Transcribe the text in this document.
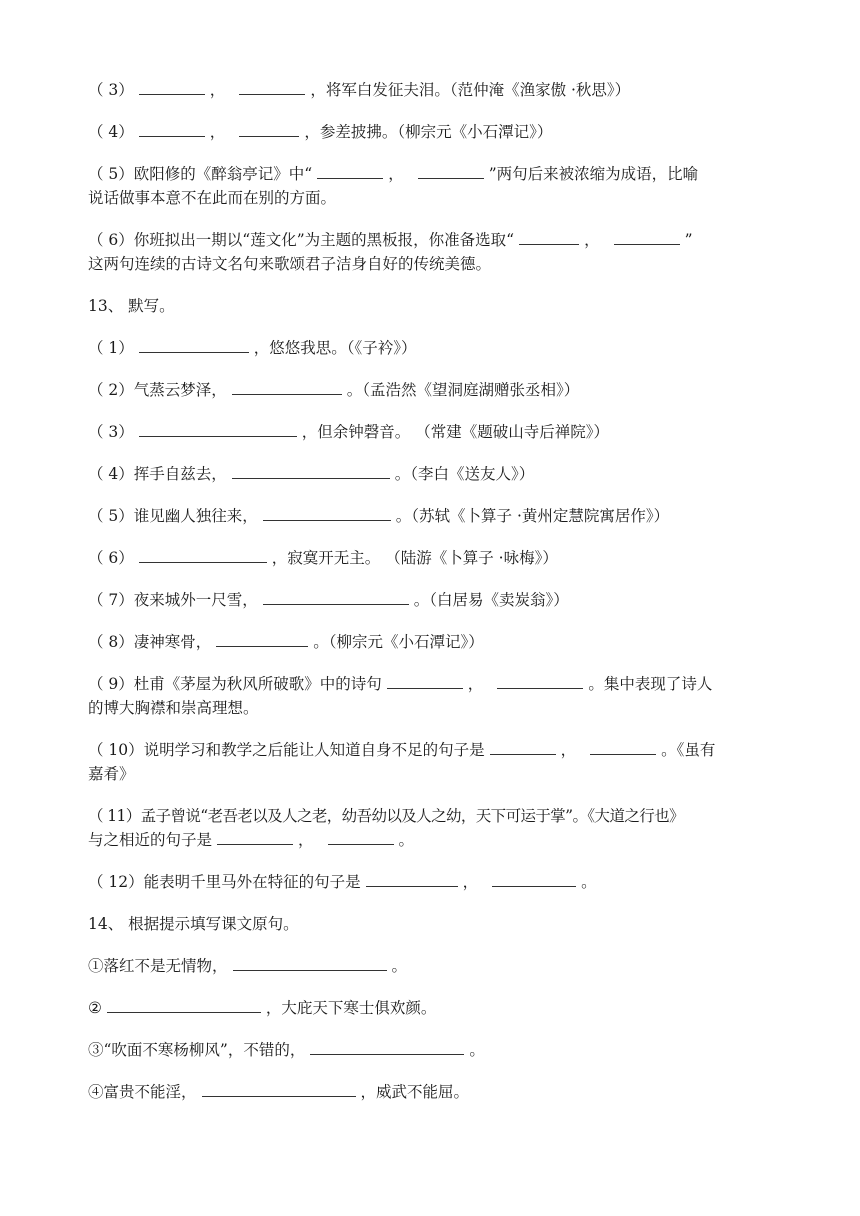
（ 3）	，	，将军白发征夫泪。（范仲淹《渔家傲 ·秋思》）

（ 4）	，	，参差披拂。（柳宗元《小石潭记》）

（ 5）欧阳修的《醉翁亭记》中“	，	”两句后来被浓缩为成语，比喻

说话做事本意不在此而在别的方面。

（ 6）你班拟出一期以“莲文化”为主题的黑板报，你准备选取“	，	”

这两句连续的古诗文名句来歌颂君子洁身自好的传统美德。

13、 默写。

（ 1）	，悠悠我思。（《子衿》）

（ 2）气蒸云梦泽，	。（孟浩然《望洞庭湖赠张丞相》）

（ 3）	，但余钟磬音。 （常建《题破山寺后禅院》）

（ 4）挥手自兹去，	。（李白《送友人》）

（ 5）谁见幽人独往来，	。（苏轼《卜算子 ·黄州定慧院寓居作》）

（ 6）	，寂寞开无主。 （陆游《卜算子 ·咏梅》）

（ 7）夜来城外一尺雪，	。（白居易《卖炭翁》）

（ 8）凄神寒骨，	。（柳宗元《小石潭记》）

（ 9）杜甫《茅屋为秋风所破歌》中的诗句	，	。集中表现了诗人

的博大胸襟和崇高理想。

（ 10）说明学习和教学之后能让人知道自身不足的句子是	，	。《虽有

嘉肴》

（ 11）孟子曾说“老吾老以及人之老，幼吾幼以及人之幼，天下可运于掌”。《大道之行也》

与之相近的句子是	，	。

（ 12）能表明千里马外在特征的句子是	，	。

14、 根据提示填写课文原句。

①落红不是无情物，	。

②	，大庇天下寒士俱欢颜。

③“吹面不寒杨柳风”，不错的，	。

④富贵不能淫，	，威武不能屈。
